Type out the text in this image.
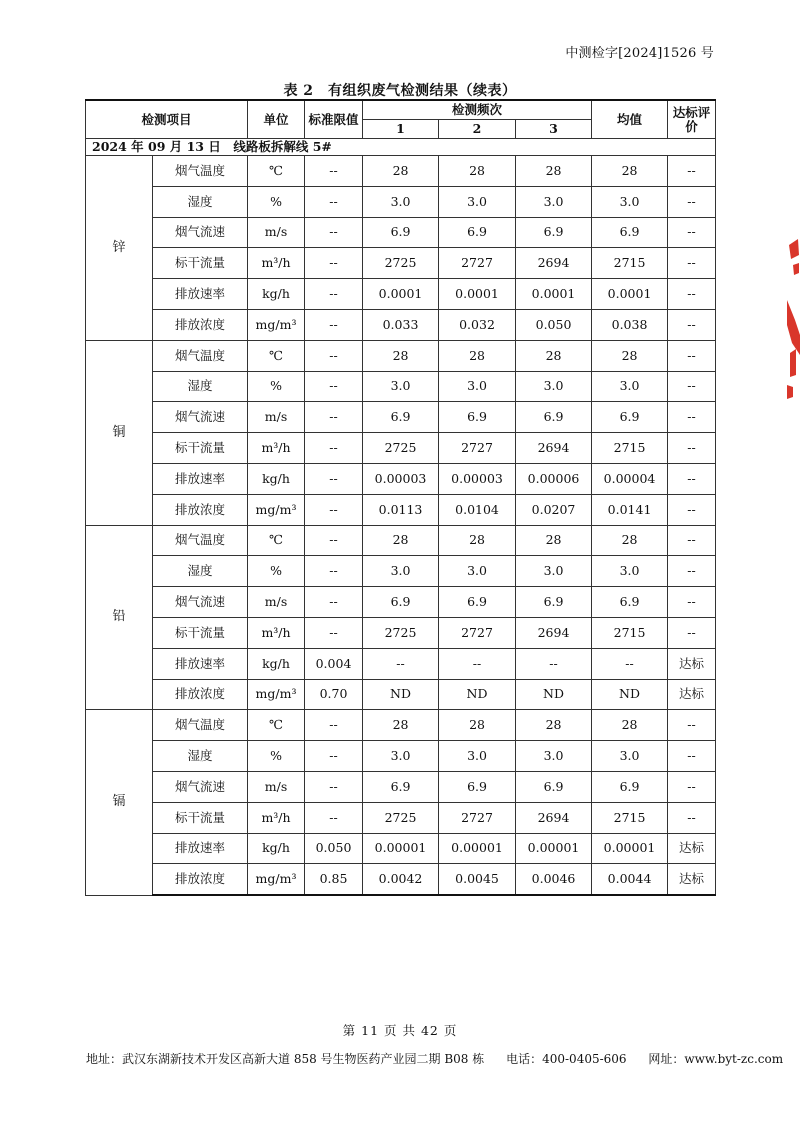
中测检字[2024]1526 号
表 2　有组织废气检测结果（续表）
检测项目		单位	标准限值	检测频次			均值	达标评价
				1	2	3		
2024 年 09 月 13 日　线路板拆解线 5#								
锌	烟气温度	℃	--	28	28	28	28	--
	湿度	%	--	3.0	3.0	3.0	3.0	--
	烟气流速	m/s	--	6.9	6.9	6.9	6.9	--
	标干流量	m³/h	--	2725	2727	2694	2715	--
	排放速率	kg/h	--	0.0001	0.0001	0.0001	0.0001	--
	排放浓度	mg/m³	--	0.033	0.032	0.050	0.038	--
铜	烟气温度	℃	--	28	28	28	28	--
	湿度	%	--	3.0	3.0	3.0	3.0	--
	烟气流速	m/s	--	6.9	6.9	6.9	6.9	--
	标干流量	m³/h	--	2725	2727	2694	2715	--
	排放速率	kg/h	--	0.00003	0.00003	0.00006	0.00004	--
	排放浓度	mg/m³	--	0.0113	0.0104	0.0207	0.0141	--
铅	烟气温度	℃	--	28	28	28	28	--
	湿度	%	--	3.0	3.0	3.0	3.0	--
	烟气流速	m/s	--	6.9	6.9	6.9	6.9	--
	标干流量	m³/h	--	2725	2727	2694	2715	--
	排放速率	kg/h	0.004	--	--	--	--	达标
	排放浓度	mg/m³	0.70	ND	ND	ND	ND	达标
镉	烟气温度	℃	--	28	28	28	28	--
	湿度	%	--	3.0	3.0	3.0	3.0	--
	烟气流速	m/s	--	6.9	6.9	6.9	6.9	--
	标干流量	m³/h	--	2725	2727	2694	2715	--
	排放速率	kg/h	0.050	0.00001	0.00001	0.00001	0.00001	达标
	排放浓度	mg/m³	0.85	0.0042	0.0045	0.0046	0.0044	达标
第 11 页 共 42 页
地址：武汉东湖新技术开发区高新大道 858 号生物医药产业园二期 B08 栋 电话：400-0405-606 网址：www.byt-zc.com
